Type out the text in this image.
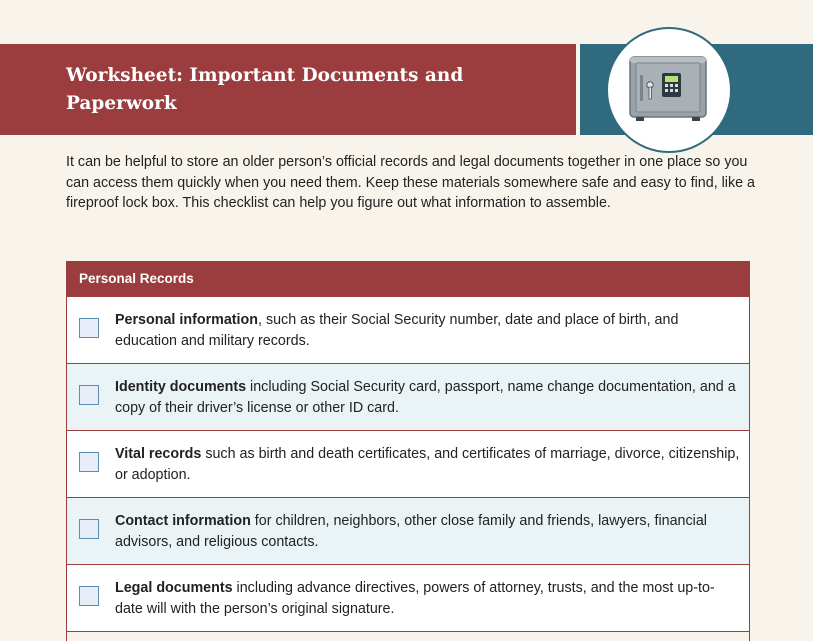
Worksheet: Important Documents and Paperwork

It can be helpful to store an older person’s official records and legal documents together in one place so you can access them quickly when you need them. Keep these materials somewhere safe and easy to find, like a fireproof lock box. This checklist can help you figure out what information to assemble.

Personal Records

Personal information, such as their Social Security number, date and place of birth, and education and military records.

Identity documents including Social Security card, passport, name change documentation, and a copy of their driver’s license or other ID card.

Vital records such as birth and death certificates, and certificates of marriage, divorce, citizenship, or adoption.

Contact information for children, neighbors, other close family and friends, lawyers, financial advisors, and religious contacts.

Legal documents including advance directives, powers of attorney, trusts, and the most up-to-date will with the person’s original signature.
